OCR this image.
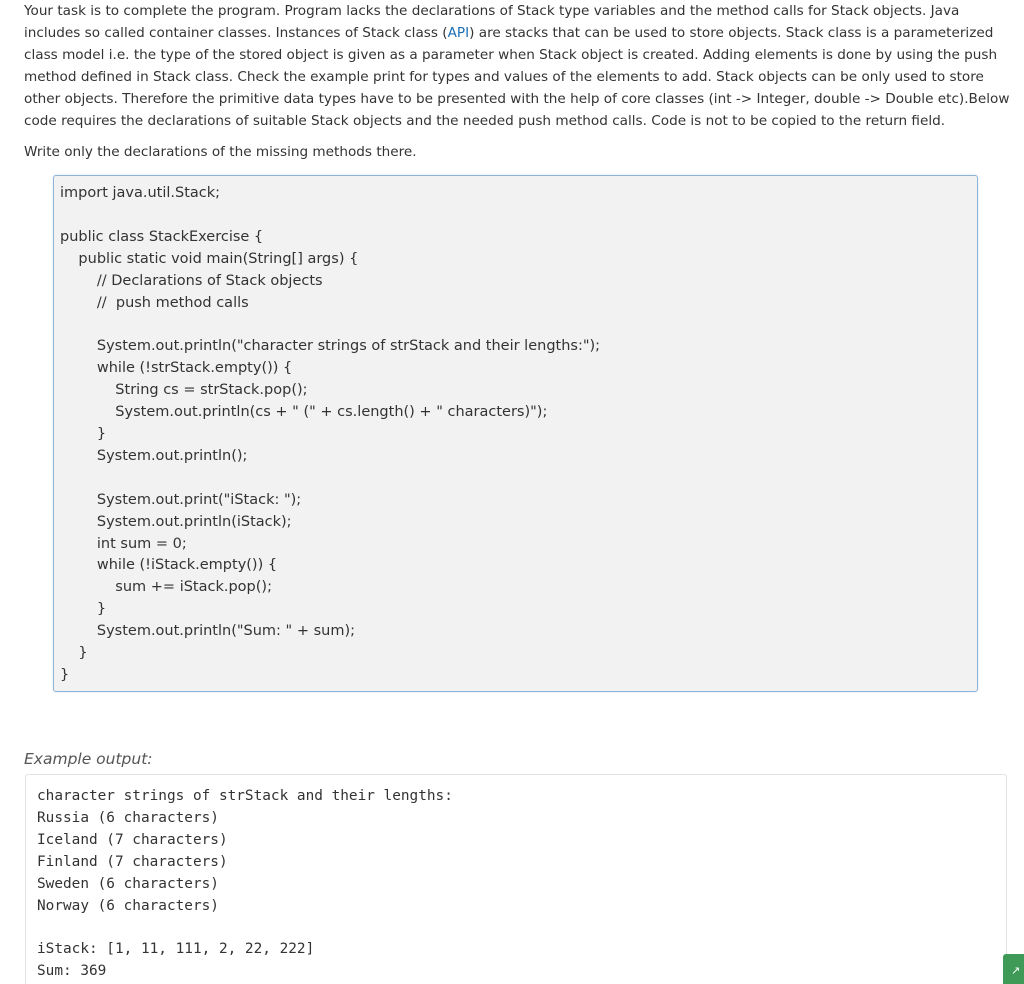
Your task is to complete the program. Program lacks the declarations of Stack type variables and the method calls for Stack objects. Java includes so called container classes. Instances of Stack class (API) are stacks that can be used to store objects. Stack class is a parameterized class model i.e. the type of the stored object is given as a parameter when Stack object is created. Adding elements is done by using the push method defined in Stack class. Check the example print for types and values of the elements to add. Stack objects can be only used to store other objects. Therefore the primitive data types have to be presented with the help of core classes (int -> Integer, double -> Double etc).Below code requires the declarations of suitable Stack objects and the needed push method calls. Code is not to be copied to the return field.

Write only the declarations of the missing methods there.

import java.util.Stack;

public class StackExercise {
public static void main(String[] args) {
// Declarations of Stack objects
//  push method calls

System.out.println("character strings of strStack and their lengths:");
while (!strStack.empty()) {
String cs = strStack.pop();
System.out.println(cs + " (" + cs.length() + " characters)");
}
System.out.println();

System.out.print("iStack: ");
System.out.println(iStack);
int sum = 0;
while (!iStack.empty()) {
sum += iStack.pop();
}
System.out.println("Sum: " + sum);
}
}

Example output:

character strings of strStack and their lengths:
Russia (6 characters)
Iceland (7 characters)
Finland (7 characters)
Sweden (6 characters)
Norway (6 characters)

iStack: [1, 11, 111, 2, 22, 222]
Sum: 369	↗
